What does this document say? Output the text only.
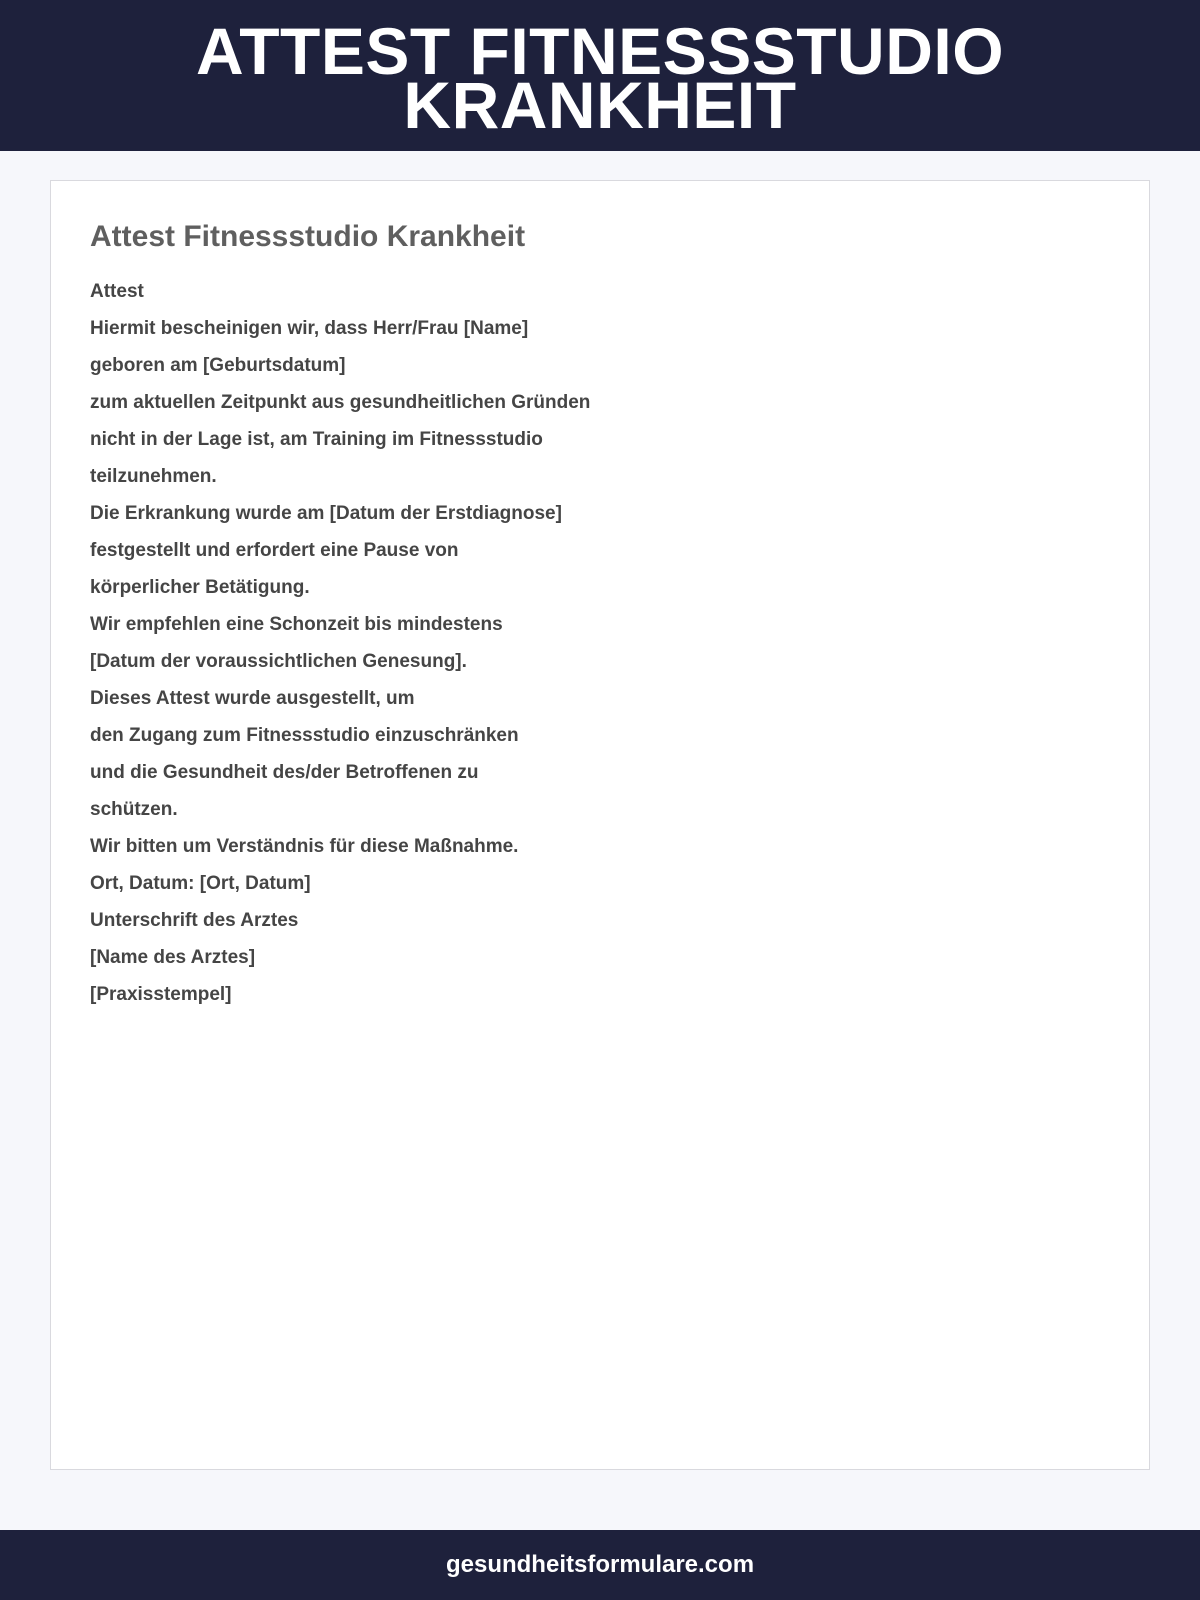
ATTEST FITNESSSTUDIO KRANKHEIT
Attest Fitnessstudio Krankheit
Attest
Hiermit bescheinigen wir, dass Herr/Frau [Name]
geboren am [Geburtsdatum]
zum aktuellen Zeitpunkt aus gesundheitlichen Gründen
nicht in der Lage ist, am Training im Fitnessstudio
teilzunehmen.
Die Erkrankung wurde am [Datum der Erstdiagnose]
festgestellt und erfordert eine Pause von
körperlicher Betätigung.
Wir empfehlen eine Schonzeit bis mindestens
[Datum der voraussichtlichen Genesung].
Dieses Attest wurde ausgestellt, um
den Zugang zum Fitnessstudio einzuschränken
und die Gesundheit des/der Betroffenen zu
schützen.
Wir bitten um Verständnis für diese Maßnahme.
Ort, Datum: [Ort, Datum]
Unterschrift des Arztes
[Name des Arztes]
[Praxisstempel]
gesundheitsformulare.com
